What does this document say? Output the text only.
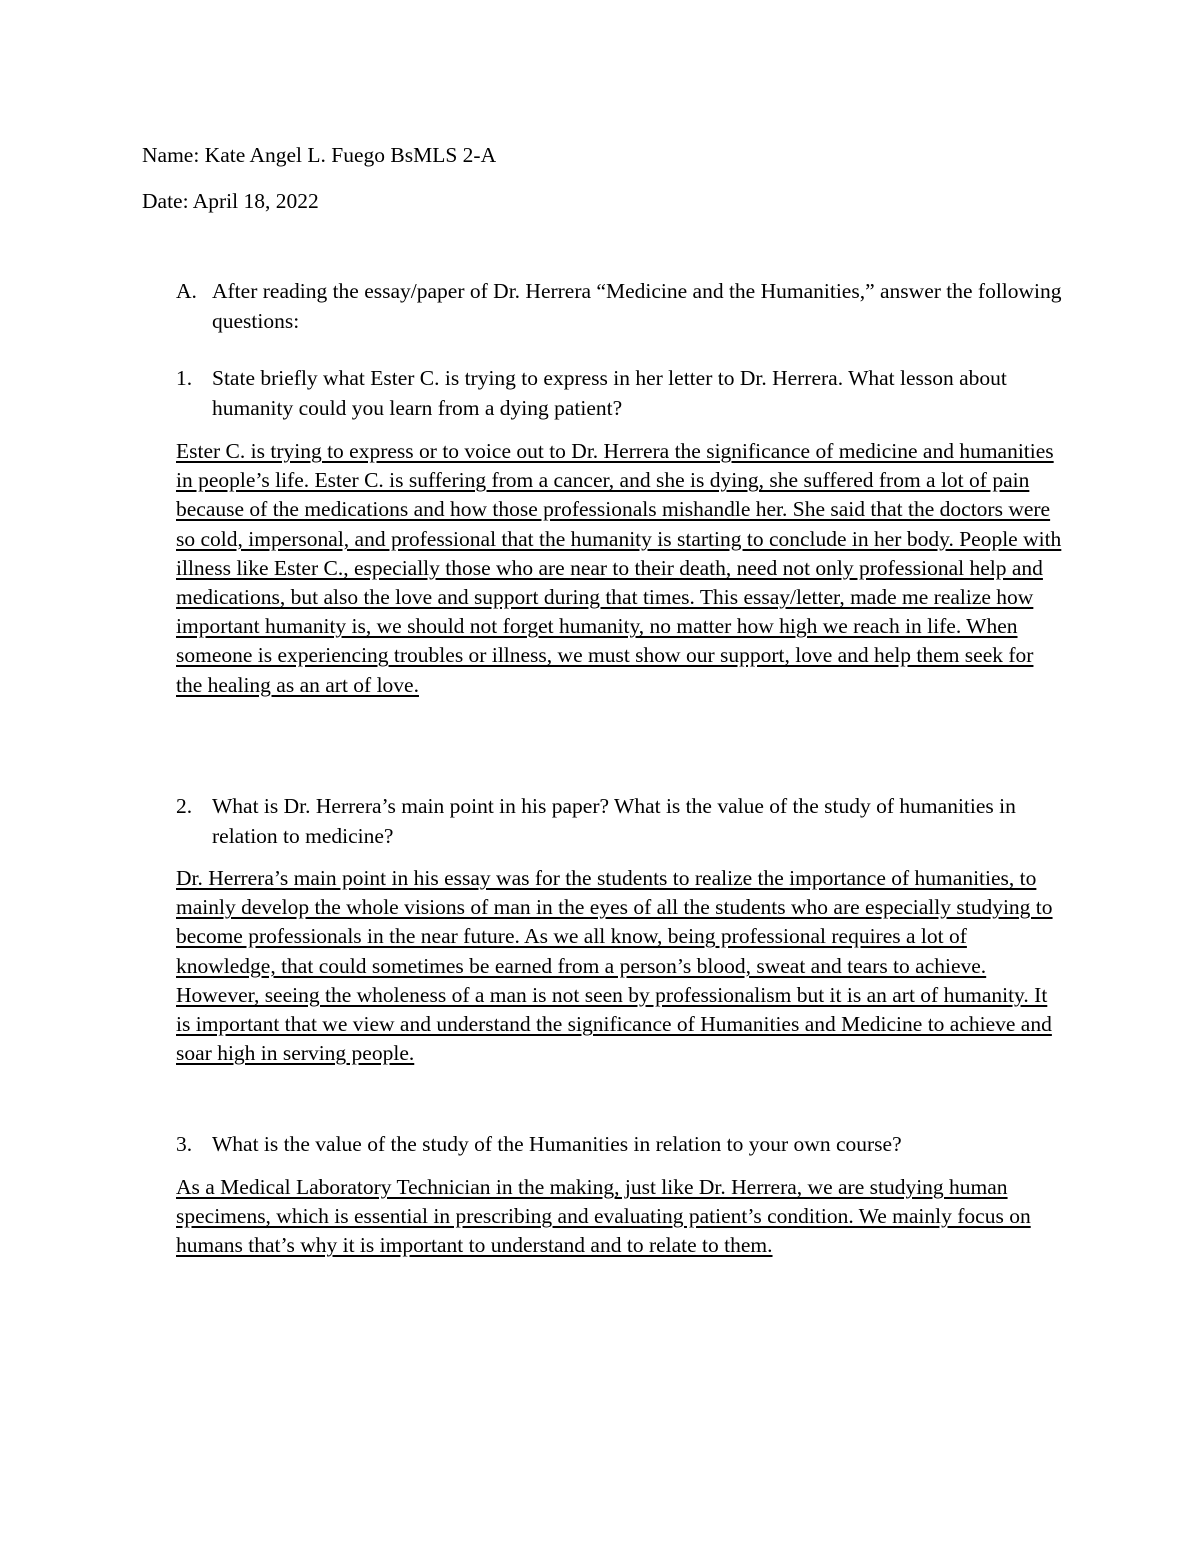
Name: Kate Angel L. Fuego BsMLS 2-A

Date: April 18, 2022

A. After reading the essay/paper of Dr. Herrera “Medicine and the Humanities,” answer the following questions:
1. State briefly what Ester C. is trying to express in her letter to Dr. Herrera. What lesson about humanity could you learn from a dying patient?

Ester C. is trying to express or to voice out to Dr. Herrera the significance of medicine and humanities in people’s life. Ester C. is suffering from a cancer, and she is dying, she suffered from a lot of pain because of the medications and how those professionals mishandle her. She said that the doctors were so cold, impersonal, and professional that the humanity is starting to conclude in her body. People with illness like Ester C., especially those who are near to their death, need not only professional help and medications, but also the love and support during that times. This essay/letter, made me realize how important humanity is, we should not forget humanity, no matter how high we reach in life. When someone is experiencing troubles or illness, we must show our support, love and help them seek for the healing as an art of love.

2. What is Dr. Herrera’s main point in his paper? What is the value of the study of humanities in relation to medicine?

Dr. Herrera’s main point in his essay was for the students to realize the importance of humanities, to mainly develop the whole visions of man in the eyes of all the students who are especially studying to become professionals in the near future. As we all know, being professional requires a lot of knowledge, that could sometimes be earned from a person’s blood, sweat and tears to achieve. However, seeing the wholeness of a man is not seen by professionalism but it is an art of humanity. It is important that we view and understand the significance of Humanities and Medicine to achieve and soar high in serving people.

3. What is the value of the study of the Humanities in relation to your own course?

As a Medical Laboratory Technician in the making, just like Dr. Herrera, we are studying human specimens, which is essential in prescribing and evaluating patient’s condition. We mainly focus on humans that’s why it is important to understand and to relate to them.
